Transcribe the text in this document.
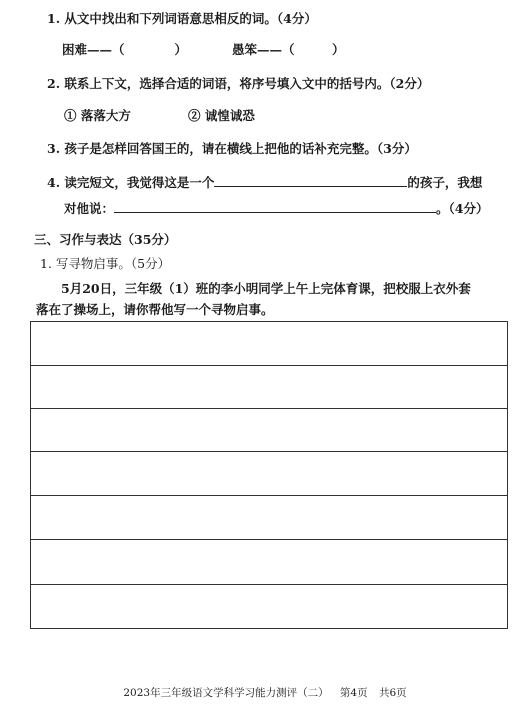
1. 从文中找出和下列词语意思相反的词。（4分）
困难——（　　　　）	愚笨——（　　　）
2. 联系上下文，选择合适的词语，将序号填入文中的括号内。（2分）
① 落落大方	② 诚惶诚恐
3. 孩子是怎样回答国王的，请在横线上把他的话补充完整。（3分）
4. 读完短文，我觉得这是一个	的孩子，我想
对他说：	。（4分）
三、习作与表达（35分）
1. 写寻物启事。（5分）
5月20日，三年级（1）班的李小明同学上午上完体育课，把校服上衣外套
落在了操场上，请你帮他写一个寻物启事。
2023年三年级语文学科学习能力测评（二） 第4页 共6页
